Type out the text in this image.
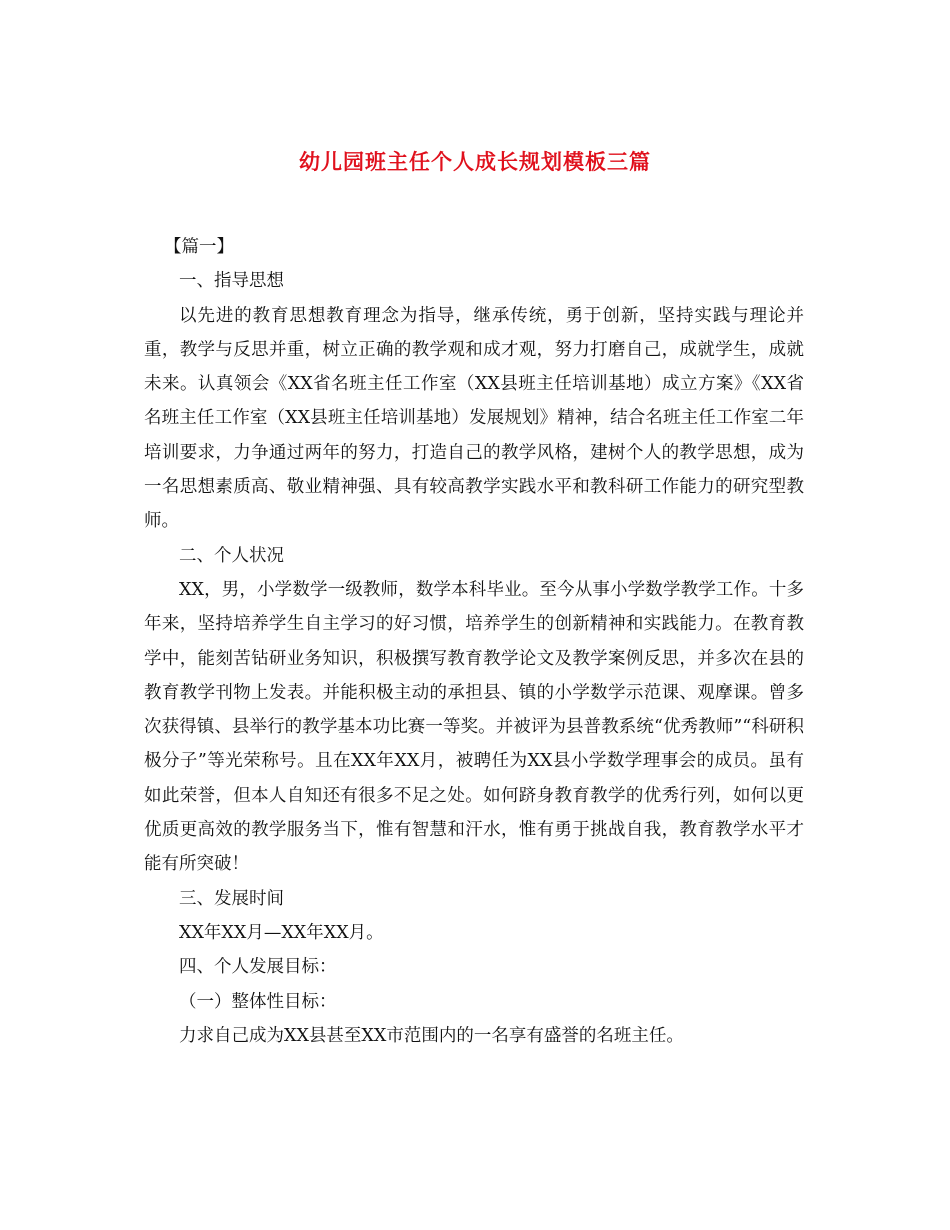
幼儿园班主任个人成长规划模板三篇

【篇一】

一、指导思想

以先进的教育思想教育理念为指导，继承传统，勇于创新，坚持实践与理论并重，教学与反思并重，树立正确的教学观和成才观，努力打磨自己，成就学生，成就未来。认真领会《XX省名班主任工作室（XX县班主任培训基地）成立方案》《XX省名班主任工作室（XX县班主任培训基地）发展规划》精神，结合名班主任工作室二年培训要求，力争通过两年的努力，打造自己的教学风格，建树个人的教学思想，成为一名思想素质高、敬业精神强、具有较高教学实践水平和教科研工作能力的研究型教师。

二、个人状况

XX，男，小学数学一级教师，数学本科毕业。至今从事小学数学教学工作。十多年来，坚持培养学生自主学习的好习惯，培养学生的创新精神和实践能力。在教育教学中，能刻苦钻研业务知识，积极撰写教育教学论文及教学案例反思，并多次在县的教育教学刊物上发表。并能积极主动的承担县、镇的小学数学示范课、观摩课。曾多次获得镇、县举行的教学基本功比赛一等奖。并被评为县普教系统“优秀教师”“科研积极分子”等光荣称号。且在XX年XX月，被聘任为XX县小学数学理事会的成员。虽有如此荣誉，但本人自知还有很多不足之处。如何跻身教育教学的优秀行列，如何以更优质更高效的教学服务当下，惟有智慧和汗水，惟有勇于挑战自我，教育教学水平才能有所突破！

三、发展时间

XX年XX月—XX年XX月。

四、个人发展目标：

（一）整体性目标：

力求自己成为XX县甚至XX市范围内的一名享有盛誉的名班主任。
